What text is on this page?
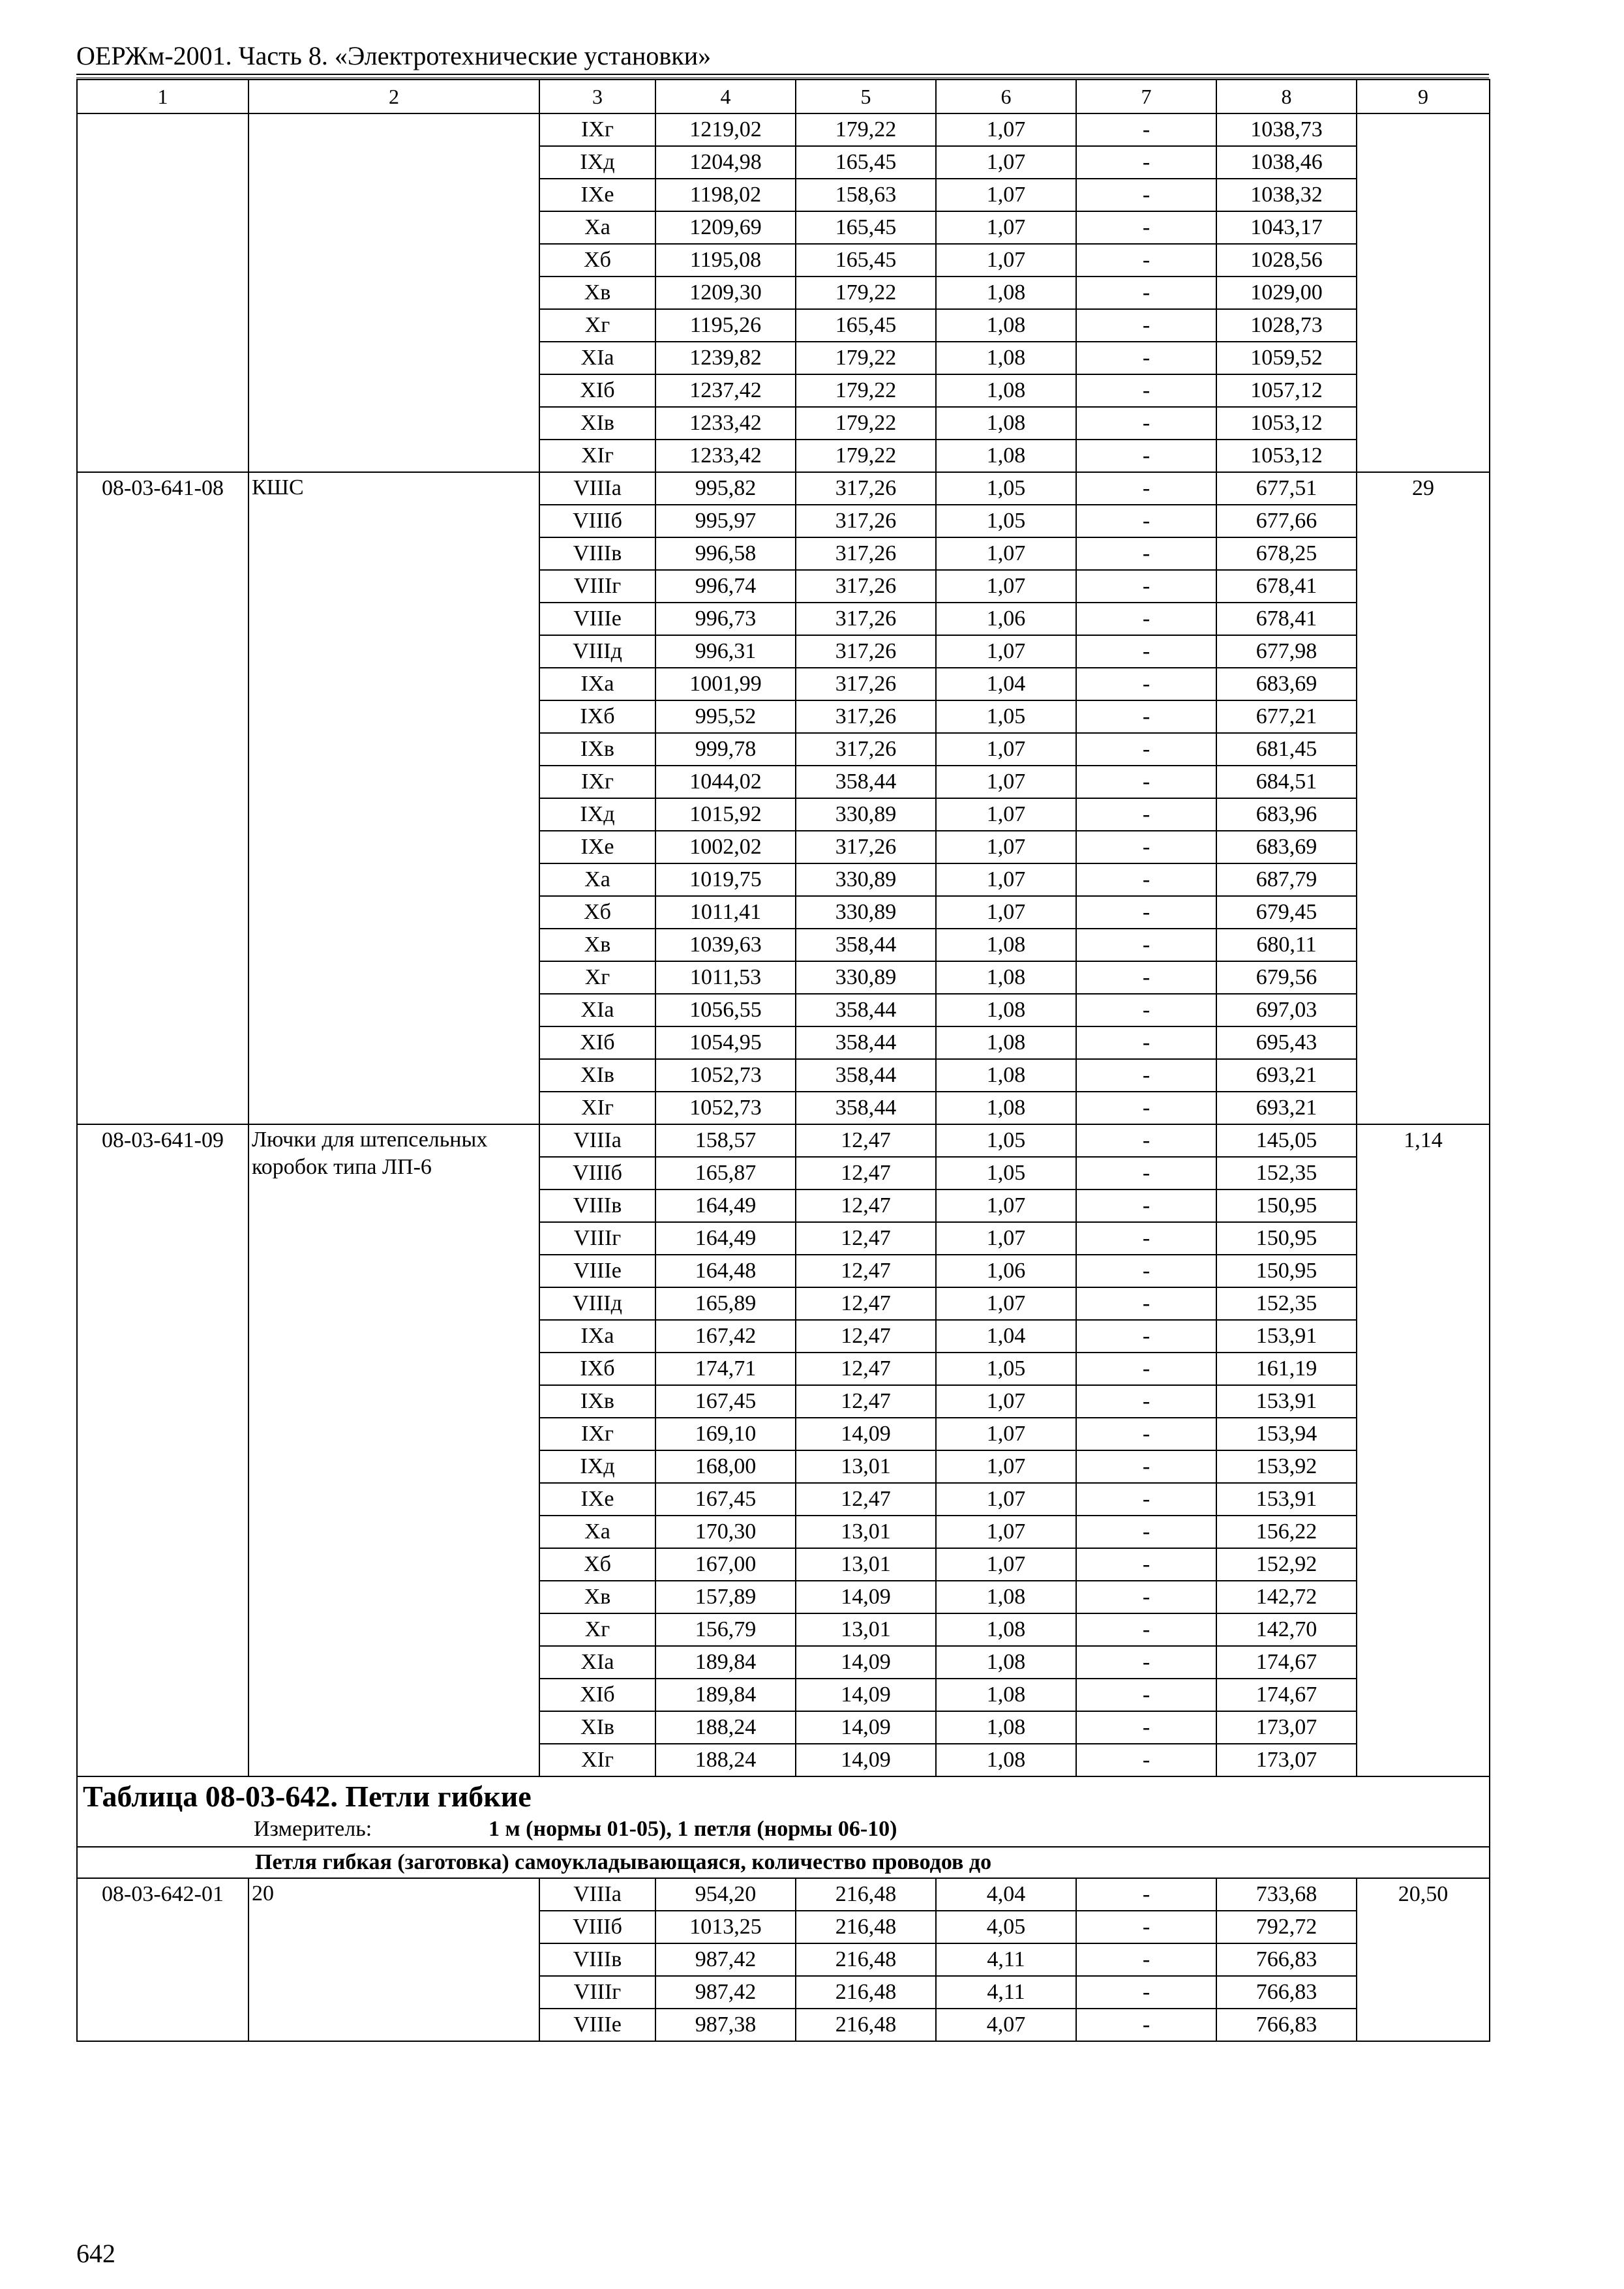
ОЕРЖм-2001. Часть 8. «Электротехнические установки»
1	2	3	4	5	6	7	8	9
		IXг	1219,02	179,22	1,07	-	1038,73	
		IXд	1204,98	165,45	1,07	-	1038,46	
		IXе	1198,02	158,63	1,07	-	1038,32	
		Xа	1209,69	165,45	1,07	-	1043,17	
		Xб	1195,08	165,45	1,07	-	1028,56	
		Xв	1209,30	179,22	1,08	-	1029,00	
		Xг	1195,26	165,45	1,08	-	1028,73	
		XIа	1239,82	179,22	1,08	-	1059,52	
		XIб	1237,42	179,22	1,08	-	1057,12	
		XIв	1233,42	179,22	1,08	-	1053,12	
		XIг	1233,42	179,22	1,08	-	1053,12	
08-03-641-08	КШС	VIIIа	995,82	317,26	1,05	-	677,51	29
		VIIIб	995,97	317,26	1,05	-	677,66	
		VIIIв	996,58	317,26	1,07	-	678,25	
		VIIIг	996,74	317,26	1,07	-	678,41	
		VIIIе	996,73	317,26	1,06	-	678,41	
		VIIIд	996,31	317,26	1,07	-	677,98	
		IXа	1001,99	317,26	1,04	-	683,69	
		IXб	995,52	317,26	1,05	-	677,21	
		IXв	999,78	317,26	1,07	-	681,45	
		IXг	1044,02	358,44	1,07	-	684,51	
		IXд	1015,92	330,89	1,07	-	683,96	
		IXе	1002,02	317,26	1,07	-	683,69	
		Xа	1019,75	330,89	1,07	-	687,79	
		Xб	1011,41	330,89	1,07	-	679,45	
		Xв	1039,63	358,44	1,08	-	680,11	
		Xг	1011,53	330,89	1,08	-	679,56	
		XIа	1056,55	358,44	1,08	-	697,03	
		XIб	1054,95	358,44	1,08	-	695,43	
		XIв	1052,73	358,44	1,08	-	693,21	
		XIг	1052,73	358,44	1,08	-	693,21	
08-03-641-09	Лючки для штепсельных коробок типа ЛП-6	VIIIа	158,57	12,47	1,05	-	145,05	1,14
		VIIIб	165,87	12,47	1,05	-	152,35	
		VIIIв	164,49	12,47	1,07	-	150,95	
		VIIIг	164,49	12,47	1,07	-	150,95	
		VIIIе	164,48	12,47	1,06	-	150,95	
		VIIIд	165,89	12,47	1,07	-	152,35	
		IXа	167,42	12,47	1,04	-	153,91	
		IXб	174,71	12,47	1,05	-	161,19	
		IXв	167,45	12,47	1,07	-	153,91	
		IXг	169,10	14,09	1,07	-	153,94	
		IXд	168,00	13,01	1,07	-	153,92	
		IXе	167,45	12,47	1,07	-	153,91	
		Xа	170,30	13,01	1,07	-	156,22	
		Xб	167,00	13,01	1,07	-	152,92	
		Xв	157,89	14,09	1,08	-	142,72	
		Xг	156,79	13,01	1,08	-	142,70	
		XIа	189,84	14,09	1,08	-	174,67	
		XIб	189,84	14,09	1,08	-	174,67	
		XIв	188,24	14,09	1,08	-	173,07	
		XIг	188,24	14,09	1,08	-	173,07	

Таблица 08-03-642. Петли гибкие
Измеритель: 1 м (нормы 01-05), 1 петля (нормы 06-10)								

Петля гибкая (заготовка) самоукладывающаяся, количество проводов до								

08-03-642-01	20	VIIIа	954,20	216,48	4,04	-	733,68	20,50
		VIIIб	1013,25	216,48	4,05	-	792,72	
		VIIIв	987,42	216,48	4,11	-	766,83	
		VIIIг	987,42	216,48	4,11	-	766,83	
		VIIIе	987,38	216,48	4,07	-	766,83	
642
